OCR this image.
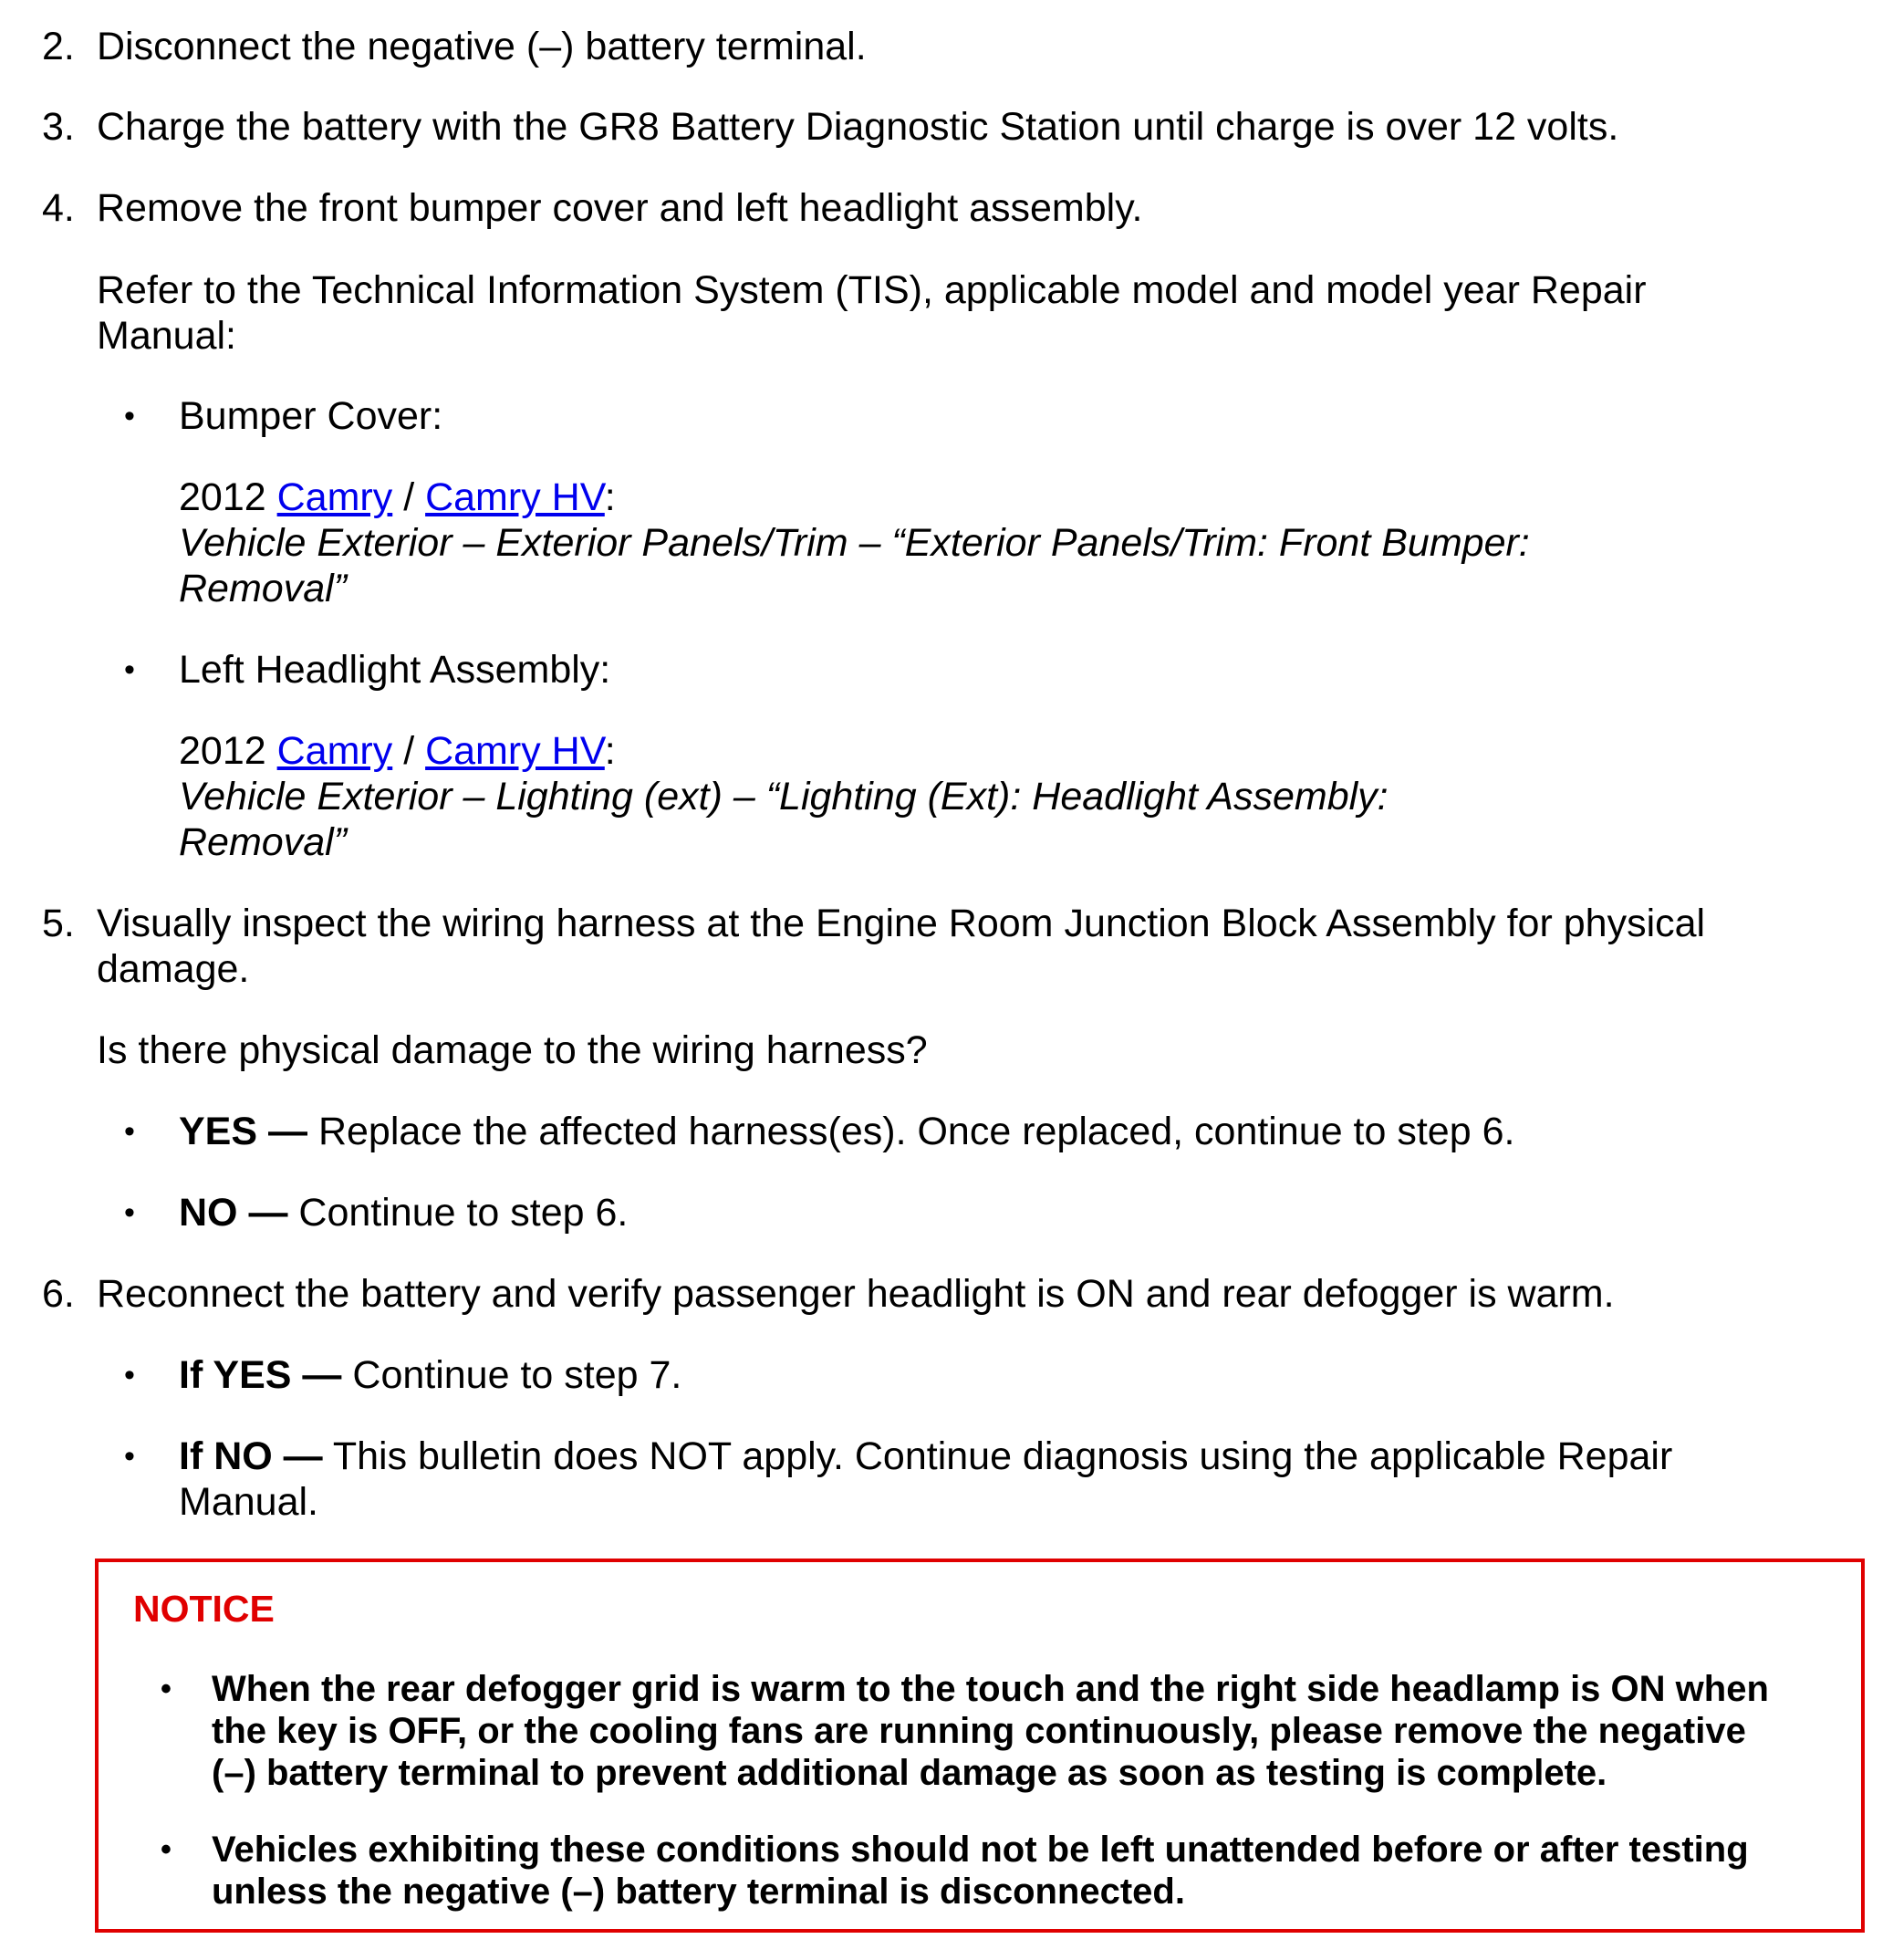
2. Disconnect the negative (–) battery terminal.
3. Charge the battery with the GR8 Battery Diagnostic Station until charge is over 12 volts.
4. Remove the front bumper cover and left headlight assembly.
Refer to the Technical Information System (TIS), applicable model and model year Repair
Manual:
•	Bumper Cover:
2012 Camry / Camry HV:
Vehicle Exterior – Exterior Panels/Trim – “Exterior Panels/Trim: Front Bumper:
Removal”
•	Left Headlight Assembly:
2012 Camry / Camry HV:
Vehicle Exterior – Lighting (ext) – “Lighting (Ext): Headlight Assembly:
Removal”
5. Visually inspect the wiring harness at the Engine Room Junction Block Assembly for physical
damage.
Is there physical damage to the wiring harness?
•	YES — Replace the affected harness(es). Once replaced, continue to step 6.
•	NO — Continue to step 6.
6. Reconnect the battery and verify passenger headlight is ON and rear defogger is warm.
•	If YES — Continue to step 7.
•	If NO — This bulletin does NOT apply. Continue diagnosis using the applicable Repair
Manual.
NOTICE
• When the rear defogger grid is warm to the touch and the right side headlamp is ON when
the key is OFF, or the cooling fans are running continuously, please remove the negative
(–) battery terminal to prevent additional damage as soon as testing is complete.
• Vehicles exhibiting these conditions should not be left unattended before or after testing
unless the negative (–) battery terminal is disconnected.
